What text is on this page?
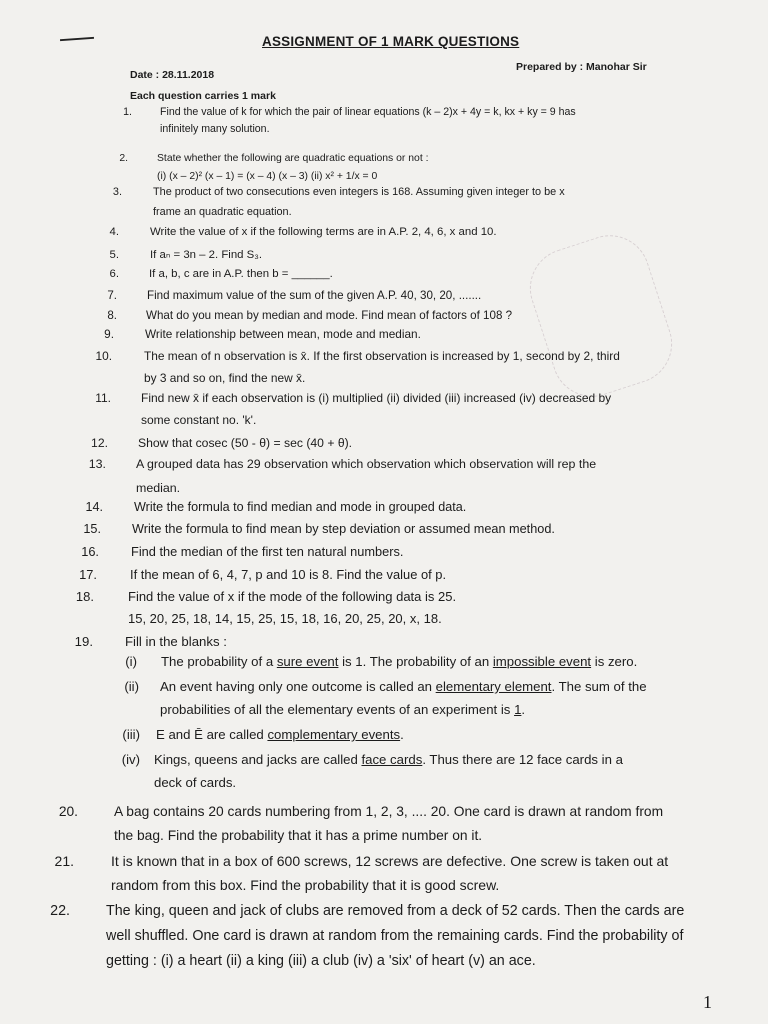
ASSIGNMENT OF 1 MARK QUESTIONS
Prepared by : Manohar Sir
Date : 28.11.2018
Each question carries 1 mark
1.	Find the value of k for which the pair of linear equations (k – 2)x + 4y = k, kx + ky = 9 has
infinitely many solution.
2.	State whether the following are quadratic equations or not :
(i) (x – 2)² (x – 1) = (x – 4) (x – 3) (ii) x² + 1/x = 0
3.	The product of two consecutions even integers is 168. Assuming given integer to be x
frame an quadratic equation.
4.	Write the value of x if the following terms are in A.P. 2, 4, 6, x and 10.
5.	If aₙ = 3n – 2. Find S₃.
6.	If a, b, c are in A.P. then b = ______.
7.	Find maximum value of the sum of the given A.P. 40, 30, 20, .......
8.	What do you mean by median and mode. Find mean of factors of 108 ?
9.	Write relationship between mean, mode and median.
10.	The mean of n observation is x̄. If the first observation is increased by 1, second by 2, third
by 3 and so on, find the new x̄.
11.	Find new x̄ if each observation is (i) multiplied (ii) divided (iii) increased (iv) decreased by
some constant no. 'k'.
12. Show that cosec (50 - θ) = sec (40 + θ).
13. A grouped data has 29 observation which observation which observation will rep the
median.
14. Write the formula to find median and mode in grouped data.
15. Write the formula to find mean by step deviation or assumed mean method.
16.	Find the median of the first ten natural numbers.
17.	If the mean of 6, 4, 7, p and 10 is 8. Find the value of p.
18.	Find the value of x if the mode of the following data is 25.
15, 20, 25, 18, 14, 15, 25, 15, 18, 16, 20, 25, 20, x, 18.
19. Fill in the blanks :
(i) The probability of a sure event is 1. The probability of an impossible event is zero.
(ii) An event having only one outcome is called an elementary element. The sum of the
probabilities of all the elementary events of an experiment is 1.
(iii) E and Ē are called complementary events.
(iv) Kings, queens and jacks are called face cards. Thus there are 12 face cards in a
deck of cards.
20.	A bag contains 20 cards numbering from 1, 2, 3, .... 20. One card is drawn at random from
the bag. Find the probability that it has a prime number on it.
21.	It is known that in a box of 600 screws, 12 screws are defective. One screw is taken out at
random from this box. Find the probability that it is good screw.
22.	The king, queen and jack of clubs are removed from a deck of 52 cards. Then the cards are
well shuffled. One card is drawn at random from the remaining cards. Find the probability of
getting : (i) a heart (ii) a king (iii) a club (iv) a 'six' of heart (v) an ace.
1
